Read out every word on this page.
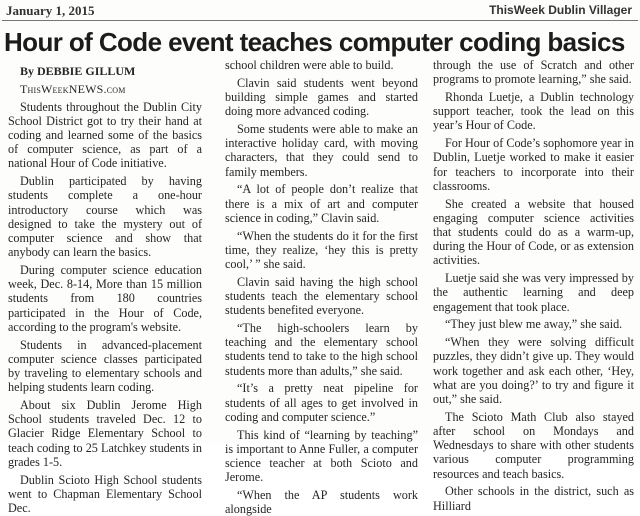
January 1, 2015	ThisWeek Dublin Villager
Hour of Code event teaches computer coding basics

By DEBBIE GILLUM

ThisWeekNEWS.com

Students throughout the Dublin City School District got to try their hand at coding and learned some of the basics of computer science, as part of a national Hour of Code initiative.

Dublin participated by having students complete a one-hour introductory course which was designed to take the mystery out of computer science and show that anybody can learn the basics.

During computer science education week, Dec. 8-14, More than 15 million students from 180 countries participated in the Hour of Code, according to the program's website.

Students in advanced-placement computer science classes participated by traveling to elementary schools and helping students learn coding.

About six Dublin Jerome High School students traveled Dec. 12 to Glacier Ridge Elementary School to teach coding to 25 Latchkey students in grades 1-5.

Dublin Scioto High School students went to Chapman Elementary School Dec.

school children were able to build.

Clavin said students went beyond building simple games and started doing more advanced coding.

Some students were able to make an interactive holiday card, with moving characters, that they could send to family members.

“A lot of people don’t realize that there is a mix of art and computer science in coding,” Clavin said.

“When the students do it for the first time, they realize, ‘hey this is pretty cool,’ ” she said.

Clavin said having the high school students teach the elementary school students benefited everyone.

“The high-schoolers learn by teaching and the elementary school students tend to take to the high school students more than adults,” she said.

“It’s a pretty neat pipeline for students of all ages to get involved in coding and computer science.”

This kind of “learning by teaching” is important to Anne Fuller, a computer science teacher at both Scioto and Jerome.

“When the AP students work alongside

through the use of Scratch and other programs to promote learning,” she said.

Rhonda Luetje, a Dublin technology support teacher, took the lead on this year’s Hour of Code.

For Hour of Code’s sophomore year in Dublin, Luetje worked to make it easier for teachers to incorporate into their classrooms.

She created a website that housed engaging computer science activities that students could do as a warm-up, during the Hour of Code, or as extension activities.

Luetje said she was very impressed by the authentic learning and deep engagement that took place.

“They just blew me away,” she said.

“When they were solving difficult puzzles, they didn’t give up. They would work together and ask each other, ‘Hey, what are you doing?’ to try and figure it out,” she said.

The Scioto Math Club also stayed after school on Mondays and Wednesdays to share with other students various computer programming resources and teach basics.

Other schools in the district, such as Hilliard
